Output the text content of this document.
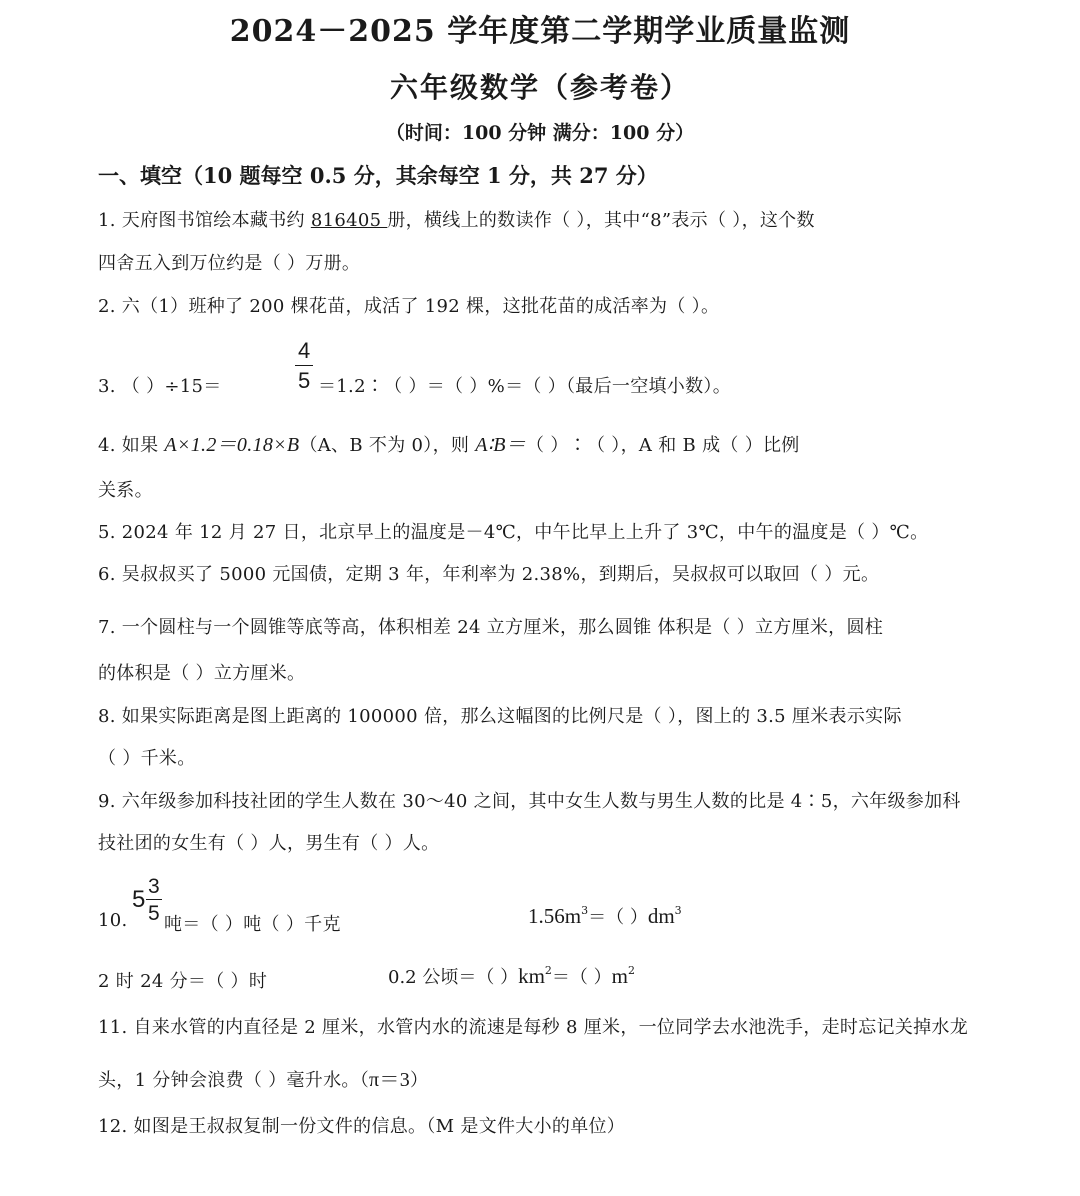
2024－2025 学年度第二学期学业质量监测
六年级数学（参考卷）
（时间：100 分钟 满分：100 分）
一、填空（10 题每空 0.5 分，其余每空 1 分，共 27 分）
1. 天府图书馆绘本藏书约 816405 册，横线上的数读作（ ），其中“8”表示（ ），这个数
四舍五入到万位约是（ ）万册。
2. 六（1）班种了 200 棵花苗，成活了 192 棵，这批花苗的成活率为（ ）。
3. （ ）÷15＝	$\frac{4}{5}$ ＝1.2∶（ ）＝（ ）%＝（ ）（最后一空填小数）。
4. 如果 A×1.2＝0.18×B（A、B 不为 0），则 A∶B＝（ ）∶（ ），A 和 B 成（ ）比例
关系。
5. 2024 年 12 月 27 日，北京早上的温度是－4℃，中午比早上上升了 3℃，中午的温度是（ ）℃。
6. 吴叔叔买了 5000 元国债，定期 3 年，年利率为 2.38%，到期后，吴叔叔可以取回（ ）元。
7. 一个圆柱与一个圆锥等底等高，体积相差 24 立方厘米，那么圆锥 体积是（ ）立方厘米，圆柱
的体积是（ ）立方厘米。
8. 如果实际距离是图上距离的 100000 倍，那么这幅图的比例尺是（ ），图上的 3.5 厘米表示实际
（ ）千米。
9. 六年级参加科技社团的学生人数在 30～40 之间，其中女生人数与男生人数的比是 4∶5，六年级参加科
技社团的女生有（ ）人，男生有（ ）人。
10.
$5 \frac{3}{5}$
吨＝（ ）吨（ ）千克	$1.56m^3=$（ ）$dm^3$
2 时 24 分＝（ ）时	0.2 公顷＝（ ）$km^2=$（ ）$m^2$
11. 自来水管的内直径是 2 厘米，水管内水的流速是每秒 8 厘米，一位同学去水池洗手，走时忘记关掉水龙
头，1 分钟会浪费（ ）毫升水。（π＝3）
12. 如图是王叔叔复制一份文件的信息。（M 是文件大小的单位）
